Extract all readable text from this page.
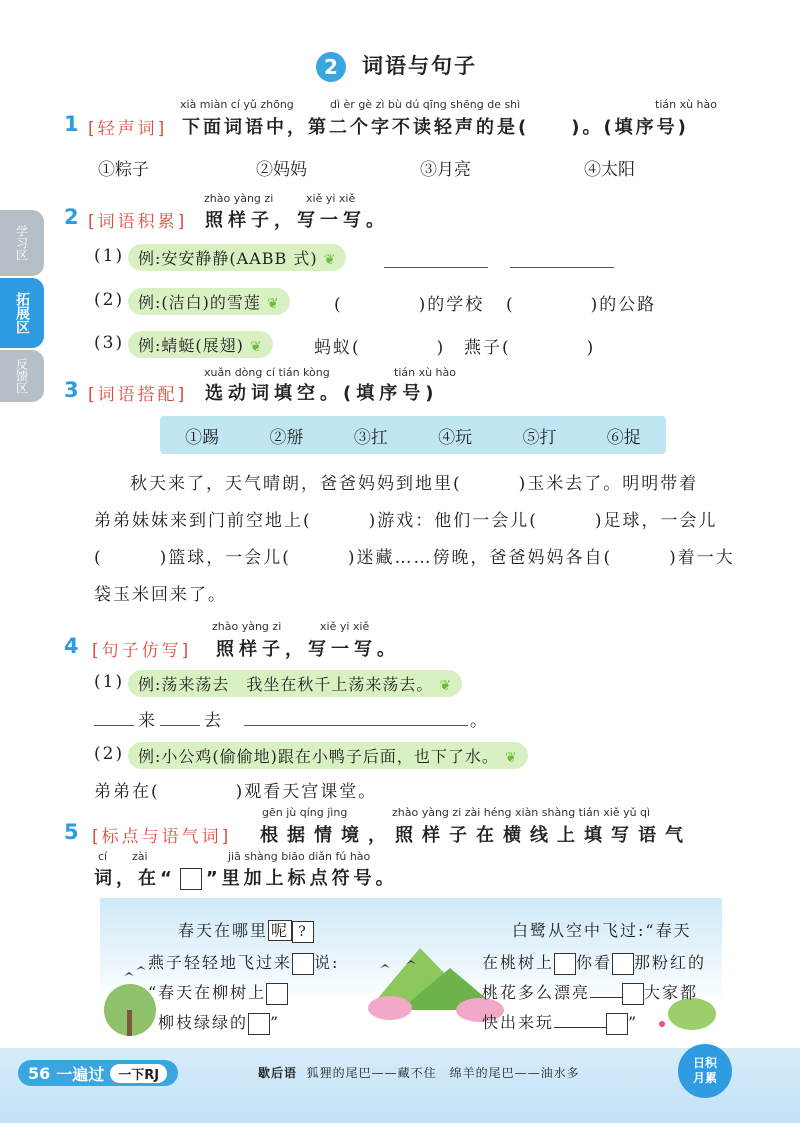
2	词语与句子
学习区
拓展区
反馈区
xià miàn cí yǔ zhōng	dì èr gè zì bù dú qīng shēng de shì	tián xù hào
1 [轻声词] 下面词语中，第二个字不读轻声的是(　　)。(填序号)
①粽子	②妈妈	③月亮	④太阳
zhào yàng zi	xiě yi xiě
2 [词语积累] 照样子，写一写。
(1) 例:安安静静(AABB 式) ❦
(2) 例:(洁白)的雪莲 ❦	(　　　　)的学校 (　　　　)的公路
(3) 例:蜻蜓(展翅) ❦	蚂蚁(　　　　) 燕子(　　　　)
xuǎn dòng cí tián kòng	tián xù hào
3 [词语搭配] 选动词填空。(填序号)
①踢	②掰	③扛	④玩	⑤打	⑥捉
秋天来了，天气晴朗，爸爸妈妈到地里(　　　)玉米去了。明明带着
弟弟妹妹来到门前空地上(　　　)游戏：他们一会儿(　　　)足球，一会儿
(　　　)篮球，一会儿(　　　)迷藏……傍晚，爸爸妈妈各自(　　　)着一大
袋玉米回来了。
zhào yàng zi	xiě yi xiě
4 [句子仿写] 照样子，写一写。
(1) 例:荡来荡去　我坐在秋千上荡来荡去。 ❦
来	去	。
(2) 例:小公鸡(偷偷地)跟在小鸭子后面，也下了水。 ❦
弟弟在(　　　　)观看天宫课堂。
gēn jù qíng jìng	zhào yàng zi zài héng xiàn shàng tián xiě yǔ qì
5 [标点与语气词] 根据情境，照样子在横线上填写语气
cí zài	jiā shàng biāo diǎn fú hào
词，在“ ”里加上标点符号。
春天在哪里 呢 ?
燕子轻轻地飞过来 说:
“春天在柳树上
柳枝绿绿的 ”
白鹭从空中飞过:“春天
在桃树上 你看 那粉红的
桃花多么漂亮	大家都
快出来玩	”
56 一遍过	一下RJ	歇后语 狐狸的尾巴——藏不住　绵羊的尾巴——油水多
日积
月累
